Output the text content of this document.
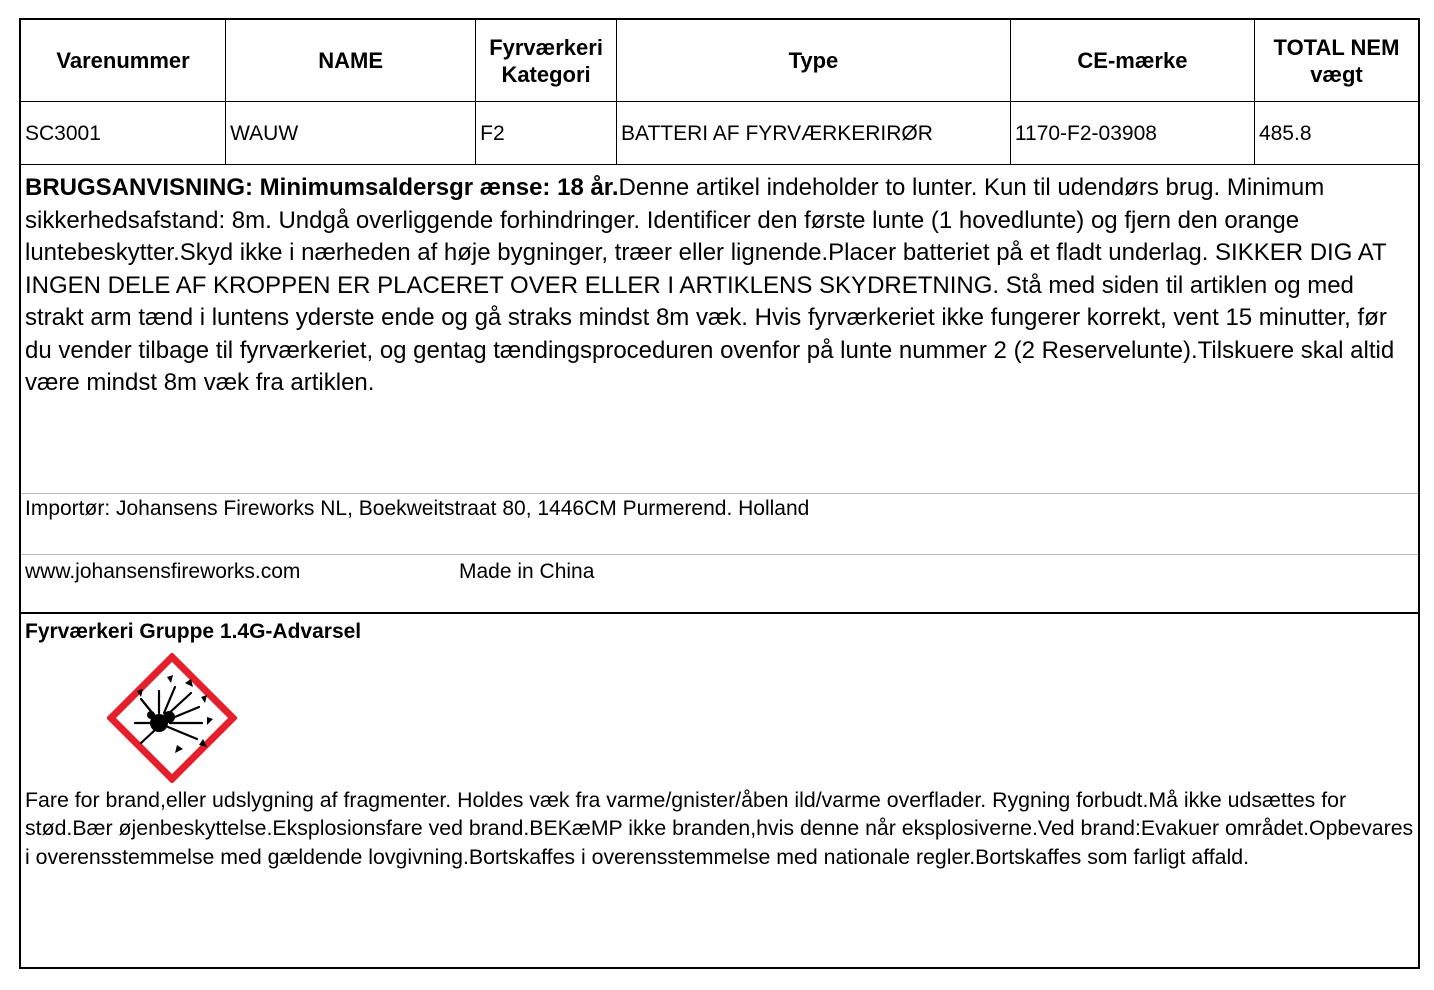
Varenummer	NAME	Fyrværkeri Kategori	Type	CE-mærke	TOTAL NEM vægt
SC3001	WAUW	F2	BATTERI AF FYRVÆRKERIRØR	1170-F2-03908	485.8
BRUGSANVISNING: Minimumsaldersgr ænse: 18 år.Denne artikel indeholder to lunter. Kun til udendørs brug. Minimum sikkerhedsafstand: 8m. Undgå overliggende forhindringer. Identificer den første lunte (1 hovedlunte) og fjern den orange luntebeskytter.Skyd ikke i nærheden af høje bygninger, træer eller lignende.Placer batteriet på et fladt underlag. SIKKER DIG AT INGEN DELE AF KROPPEN ER PLACERET OVER ELLER I ARTIKLENS SKYDRETNING. Stå med siden til artiklen og med strakt arm tænd i luntens yderste ende og gå straks mindst 8m væk. Hvis fyrværkeriet ikke fungerer korrekt, vent 15 minutter, før du vender tilbage til fyrværkeriet, og gentag tændingsproceduren ovenfor på lunte nummer 2 (2 Reservelunte).Tilskuere skal altid være mindst 8m væk fra artiklen.
Importør: Johansens Fireworks NL, Boekweitstraat 80, 1446CM Purmerend. Holland
www.johansensfireworks.com	Made in China
Fyrværkeri Gruppe 1.4G-Advarsel
Fare for brand,eller udslygning af fragmenter. Holdes væk fra varme/gnister/åben ild/varme overflader. Rygning forbudt.Må ikke udsættes for stød.Bær øjenbeskyttelse.Eksplosionsfare ved brand.BEKæMP ikke branden,hvis denne når eksplosiverne.Ved brand:Evakuer området.Opbevares i overensstemmelse med gældende lovgivning.Bortskaffes i overensstemmelse med nationale regler.Bortskaffes som farligt affald.
